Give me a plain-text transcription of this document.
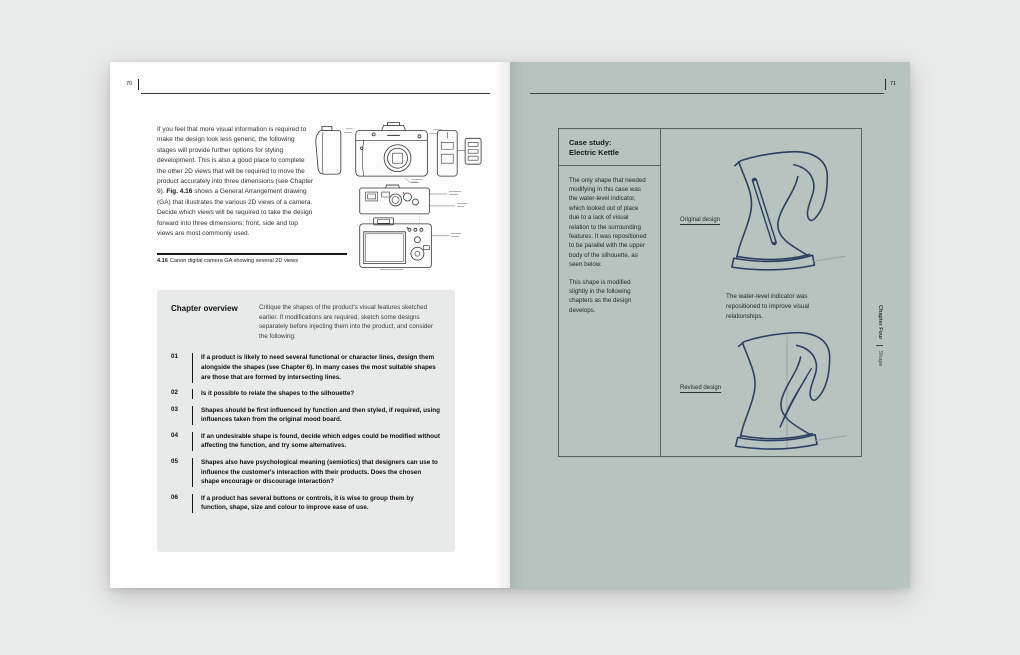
70
If you feel that more visual information is required to make the design look less generic, the following stages will provide further options for styling development. This is also a good place to complete the other 2D views that will be required to move the product accurately into three dimensions (see Chapter 9). Fig. 4.16 shows a General Arrangement drawing (GA) that illustrates the various 2D views of a camera. Decide which views will be required to take the design forward into three dimensions; front, side and top views are most commonly used.
4.16 Canon digital camera GA showing several 2D views
Chapter overview	Critique the shapes of the product's visual features sketched earlier. If modifications are required, sketch some designs separately before injecting them into the product, and consider the following:
01	If a product is likely to need several functional or character lines, design them alongside the shapes (see Chapter 6). In many cases the most suitable shapes are those that are formed by intersecting lines.
02	Is it possible to relate the shapes to the silhouette?
03	Shapes should be first influenced by function and then styled, if required, using influences taken from the original mood board.
04	If an undesirable shape is found, decide which edges could be modified without affecting the function, and try some alternatives.
05	Shapes also have psychological meaning (semiotics) that designers can use to influence the customer's interaction with their products. Does the chosen shape encourage or discourage interaction?
06	If a product has several buttons or controls, it is wise to group them by function, shape, size and colour to improve ease of use.
71
Case study:
Electric Kettle

The only shape that needed modifying in this case was the water-level indicator, which looked out of place due to a lack of visual relation to the surrounding features. It was repositioned to be parallel with the upper body of the silhouette, as seen below.

This shape is modified slightly in the following chapters as the design develops.

Original design
The water-level indicator was repositioned to improve visual relationships.
Revised design
Chapter Four
Shape
